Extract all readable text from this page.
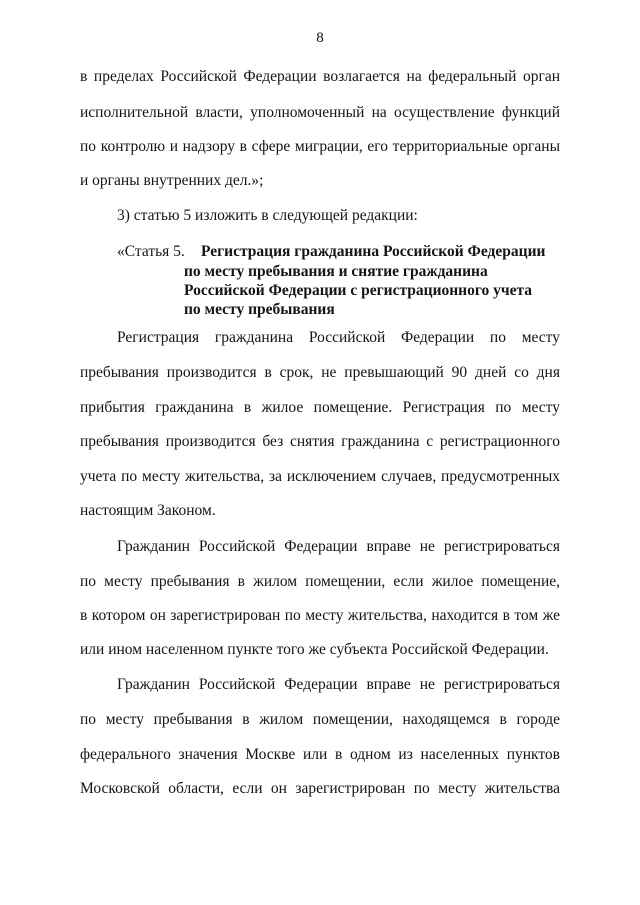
8
в пределах Российской Федерации возлагается на федеральный орган
исполнительной власти, уполномоченный на осуществление функций
по контролю и надзору в сфере миграции, его территориальные органы
и органы внутренних дел.»;
3) статью 5 изложить в следующей редакции:
«Статья 5. Регистрация гражданина Российской Федерации
по месту пребывания и снятие гражданина
Российской Федерации с регистрационного учета
по месту пребывания
Регистрация гражданина Российской Федерации по месту
пребывания производится в срок, не превышающий 90 дней со дня
прибытия гражданина в жилое помещение. Регистрация по месту
пребывания производится без снятия гражданина с регистрационного
учета по месту жительства, за исключением случаев, предусмотренных
настоящим Законом.
Гражданин Российской Федерации вправе не регистрироваться
по месту пребывания в жилом помещении, если жилое помещение,
в котором он зарегистрирован по месту жительства, находится в том же
или ином населенном пункте того же субъекта Российской Федерации.
Гражданин Российской Федерации вправе не регистрироваться
по месту пребывания в жилом помещении, находящемся в городе
федерального значения Москве или в одном из населенных пунктов
Московской области, если он зарегистрирован по месту жительства
